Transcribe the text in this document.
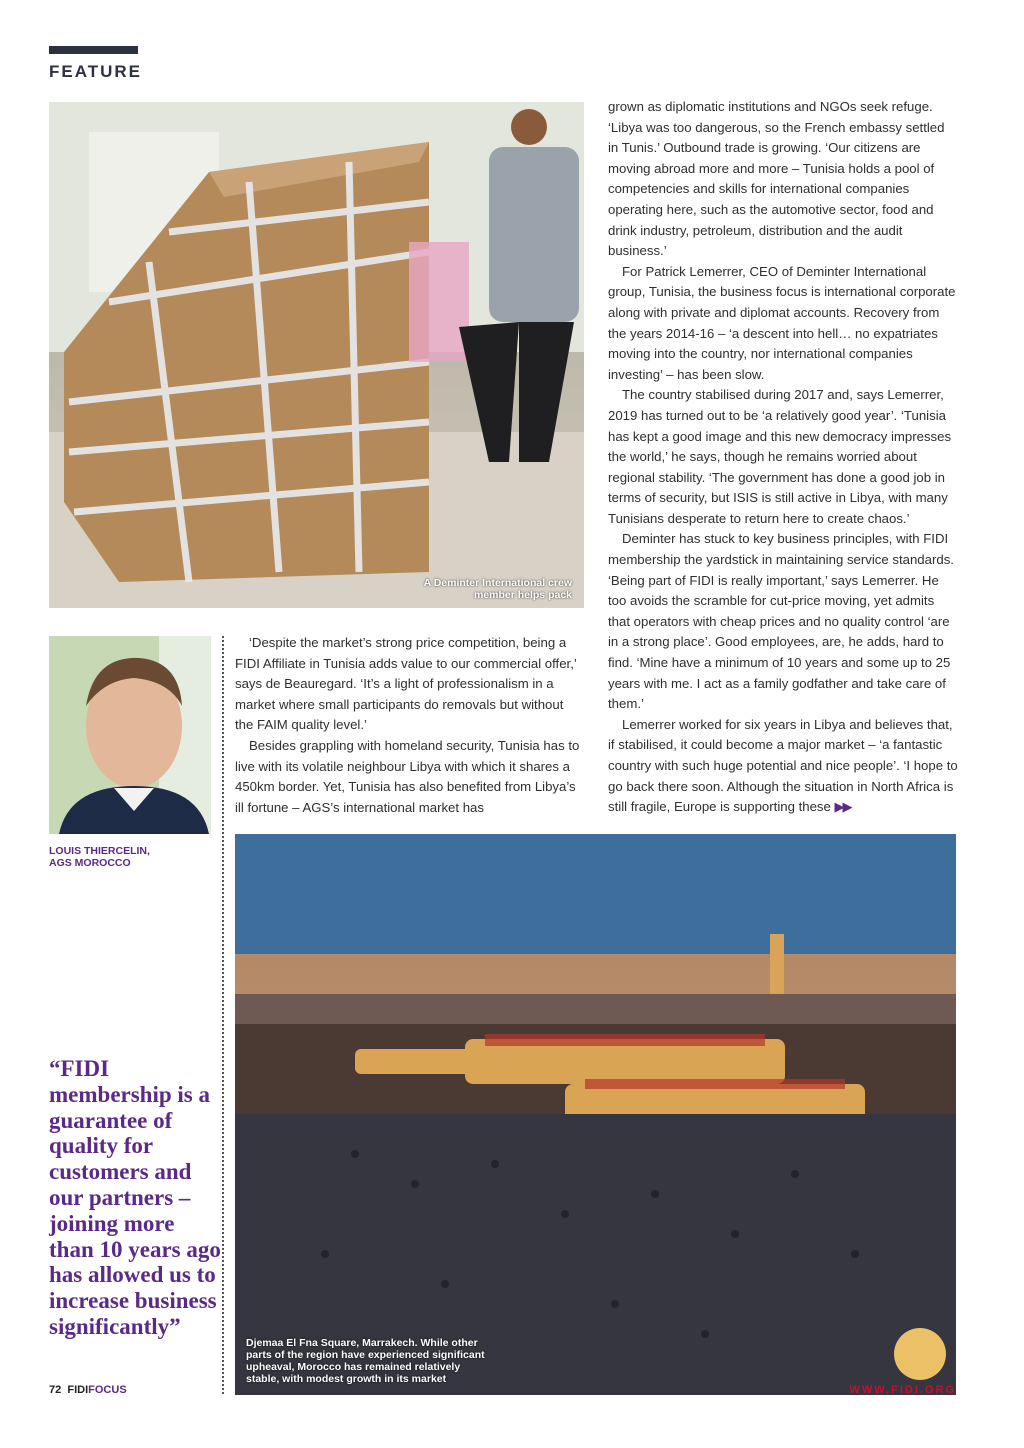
FEATURE
A Deminter International crew member helps pack
LOUIS THIERCELIN,
AGS MOROCCO
“FIDI membership is a guarantee of quality for customers and our partners – joining more than 10 years ago has allowed us to increase business significantly”

grown as diplomatic institutions and NGOs seek refuge. ‘Libya was too dangerous, so the French embassy settled in Tunis.’ Outbound trade is growing. ‘Our citizens are moving abroad more and more – Tunisia holds a pool of competencies and skills for international companies operating here, such as the automotive sector, food and drink industry, petroleum, distribution and the audit business.’

For Patrick Lemerrer, CEO of Deminter International group, Tunisia, the business focus is international corporate along with private and diplomat accounts. Recovery from the years 2014-16 – ‘a descent into hell… no expatriates moving into the country, nor international companies investing’ – has been slow.

The country stabilised during 2017 and, says Lemerrer, 2019 has turned out to be ‘a relatively good year’. ‘Tunisia has kept a good image and this new democracy impresses the world,’ he says, though he remains worried about regional stability. ‘The government has done a good job in terms of security, but ISIS is still active in Libya, with many Tunisians desperate to return here to create chaos.’

Deminter has stuck to key business principles, with FIDI membership the yardstick in maintaining service standards. ‘Being part of FIDI is really important,’ says Lemerrer. He too avoids the scramble for cut-price moving, yet admits that operators with cheap prices and no quality control ‘are in a strong place’. Good employees, are, he adds, hard to find. ‘Mine have a minimum of 10 years and some up to 25 years with me. I act as a family godfather and take care of them.’

Lemerrer worked for six years in Libya and believes that, if stabilised, it could become a major market – ‘a fantastic country with such huge potential and nice people’. ‘I hope to go back there soon. Although the situation in North Africa is still fragile, Europe is supporting these ▶▶

‘Despite the market’s strong price competition, being a FIDI Affiliate in Tunisia adds value to our commercial offer,’ says de Beauregard. ‘It’s a light of professionalism in a market where small participants do removals but without the FAIM quality level.’

Besides grappling with homeland security, Tunisia has to live with its volatile neighbour Libya with which it shares a 450km border. Yet, Tunisia has also benefited from Libya’s ill fortune – AGS’s international market has

Djemaa El Fna Square, Marrakech. While other parts of the region have experienced significant upheaval, Morocco has remained relatively stable, with modest growth in its market
72 FIDIFOCUS	WWW.FIDI.ORG
